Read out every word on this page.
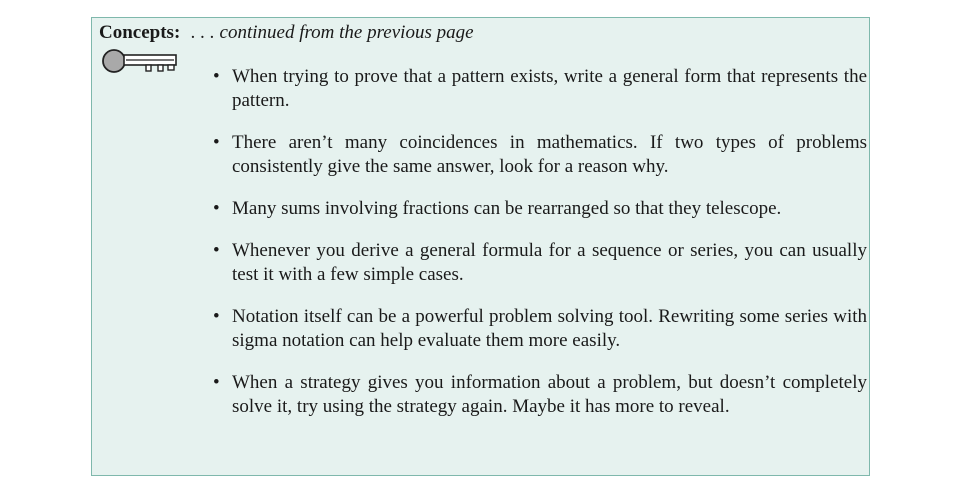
Concepts: . . . continued from the previous page
• When trying to prove that a pattern exists, write a general form that represents the pattern.
• There aren’t many coincidences in mathematics. If two types of problems consistently give the same answer, look for a reason why.
• Many sums involving fractions can be rearranged so that they telescope.
• Whenever you derive a general formula for a sequence or series, you can usually test it with a few simple cases.
• Notation itself can be a powerful problem solving tool. Rewriting some series with sigma notation can help evaluate them more easily.
• When a strategy gives you information about a problem, but doesn’t completely solve it, try using the strategy again. Maybe it has more to reveal.
